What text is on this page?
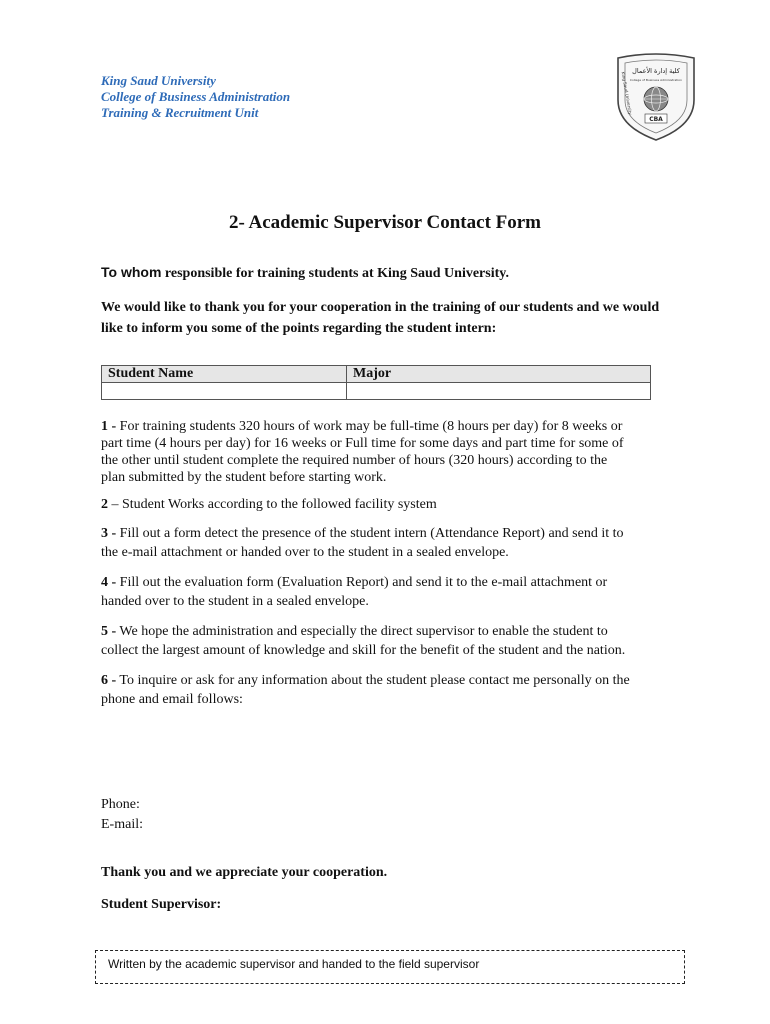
King Saud University
College of Business Administration
Training & Recruitment Unit
كلية إدارة الأعمال
College of Business Administration
CBA
King Saud University
2- Academic Supervisor Contact Form
To whom responsible for training students at King Saud University.
We would like to thank you for your cooperation in the training of our students and we would like to inform you some of the points regarding the student intern:
Student Name	Major

1 - For training students 320 hours of work may be full-time (8 hours per day) for 8 weeks or part time (4 hours per day) for 16 weeks or Full time for some days and part time for some of the other until student complete the required number of hours (320 hours) according to the plan submitted by the student before starting work.
2 – Student Works according to the followed facility system
3 - Fill out a form detect the presence of the student intern (Attendance Report) and send it to the e-mail attachment or handed over to the student in a sealed envelope.
4 - Fill out the evaluation form (Evaluation Report) and send it to the e-mail attachment or handed over to the student in a sealed envelope.
5 - We hope the administration and especially the direct supervisor to enable the student to collect the largest amount of knowledge and skill for the benefit of the student and the nation.
6 - To inquire or ask for any information about the student please contact me personally on the phone and email follows:
Phone:
E-mail:
Thank you and we appreciate your cooperation.
Student Supervisor:
Written by the academic supervisor and handed to the field supervisor
